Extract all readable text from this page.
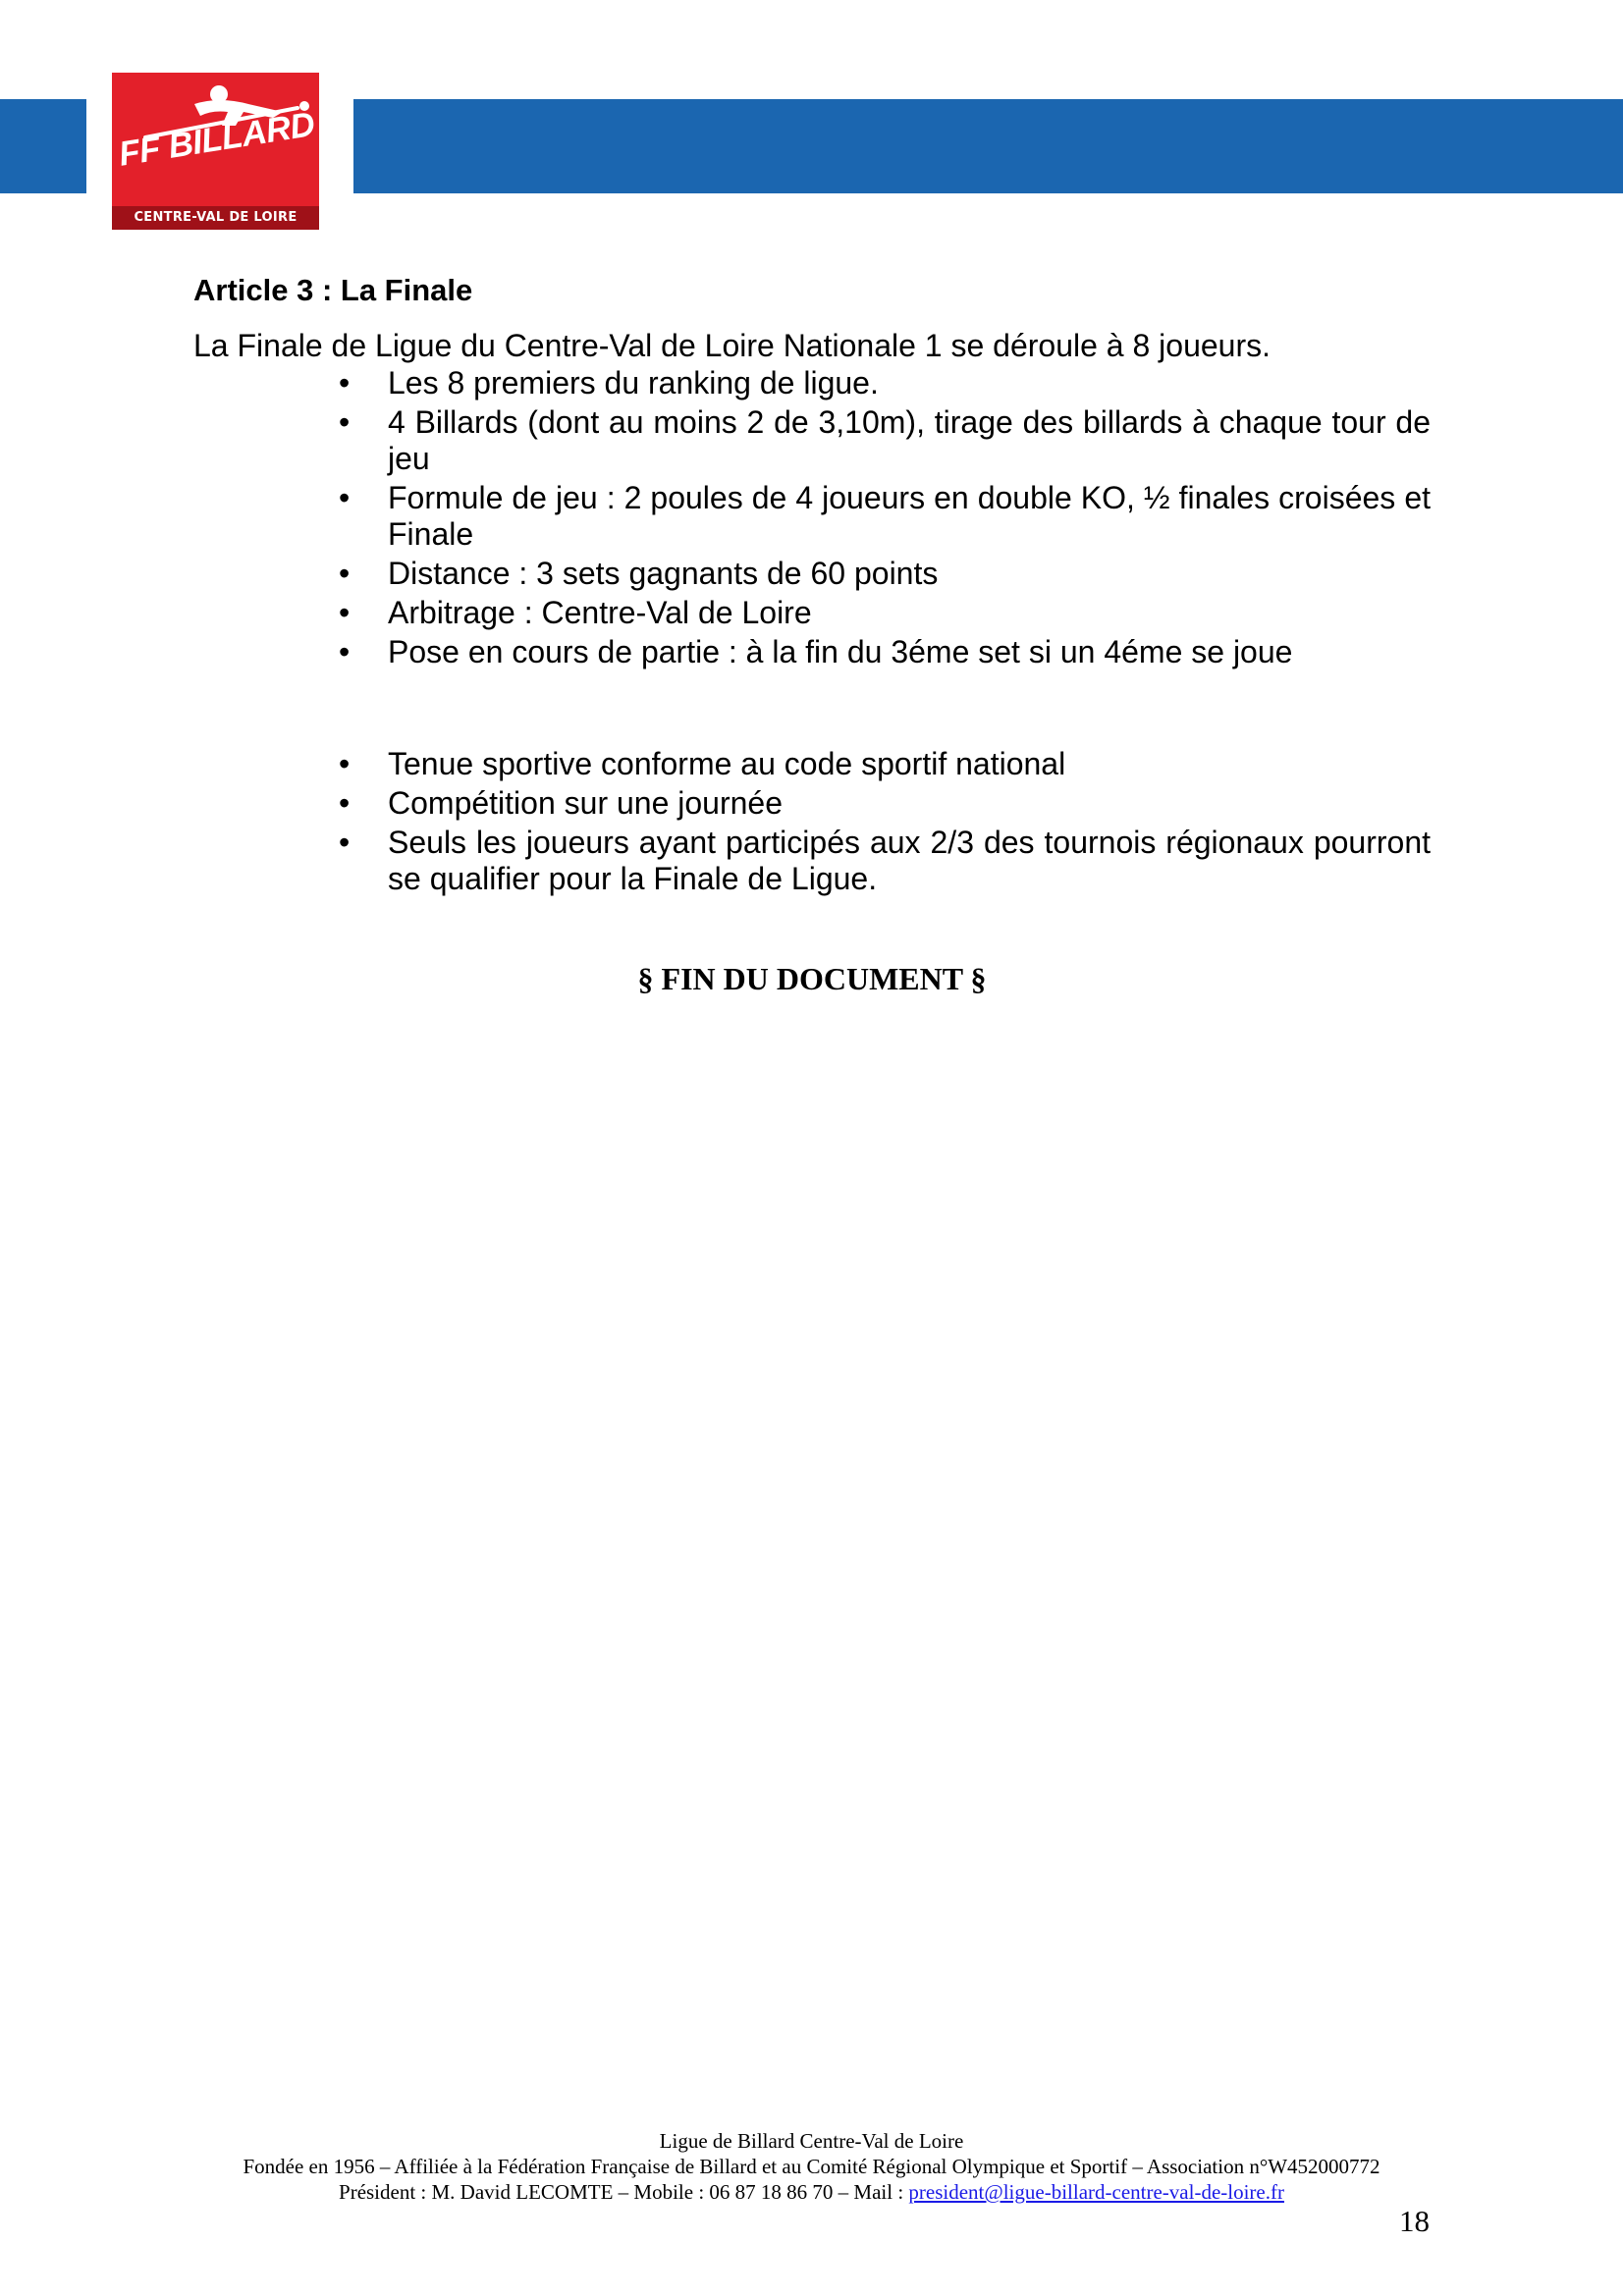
FF BILLARD
CENTRE-VAL DE LOIRE
Article 3 : La Finale
La Finale de Ligue du Centre-Val de Loire Nationale 1 se déroule à 8 joueurs.
• Les 8 premiers du ranking de ligue.
• 4 Billards (dont au moins 2 de 3,10m), tirage des billards à chaque tour de jeu
• Formule de jeu : 2 poules de 4 joueurs en double KO, ½ finales croisées et Finale
• Distance : 3 sets gagnants de 60 points
• Arbitrage : Centre-Val de Loire
• Pose en cours de partie : à la fin du 3éme set si un 4éme se joue
• Tenue sportive conforme au code sportif national
• Compétition sur une journée
• Seuls les joueurs ayant participés aux 2/3 des tournois régionaux pourront se qualifier pour la Finale de Ligue.
§ FIN DU DOCUMENT §
Ligue de Billard Centre-Val de Loire
Fondée en 1956 – Affiliée à la Fédération Française de Billard et au Comité Régional Olympique et Sportif – Association n°W452000772
Président : M. David LECOMTE – Mobile : 06 87 18 86 70 – Mail : president@ligue-billard-centre-val-de-loire.fr
18
